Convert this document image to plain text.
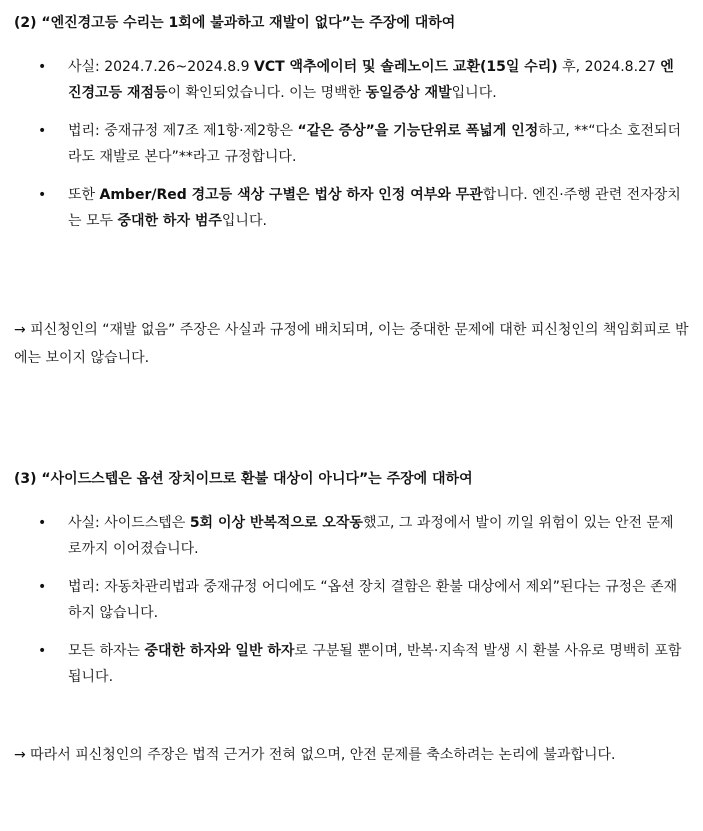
(2) “엔진경고등 수리는 1회에 불과하고 재발이 없다”는 주장에 대하여
• 사실: 2024.7.26~2024.8.9 VCT 액추에이터 및 솔레노이드 교환(15일 수리) 후, 2024.8.27 엔진경고등 재점등이 확인되었습니다. 이는 명백한 동일증상 재발입니다.
• 법리: 중재규정 제7조 제1항·제2항은 “같은 증상”을 기능단위로 폭넓게 인정하고, **“다소 호전되더라도 재발로 본다”**라고 규정합니다.
• 또한 Amber/Red 경고등 색상 구별은 법상 하자 인정 여부와 무관합니다. 엔진·주행 관련 전자장치는 모두 중대한 하자 범주입니다.
→ 피신청인의 “재발 없음” 주장은 사실과 규정에 배치되며, 이는 중대한 문제에 대한 피신청인의 책임회피로 밖에는 보이지 않습니다.
(3) “사이드스텝은 옵션 장치이므로 환불 대상이 아니다”는 주장에 대하여
• 사실: 사이드스텝은 5회 이상 반복적으로 오작동했고, 그 과정에서 발이 끼일 위험이 있는 안전 문제로까지 이어졌습니다.
• 법리: 자동차관리법과 중재규정 어디에도 “옵션 장치 결함은 환불 대상에서 제외”된다는 규정은 존재하지 않습니다.
• 모든 하자는 중대한 하자와 일반 하자로 구분될 뿐이며, 반복·지속적 발생 시 환불 사유로 명백히 포함됩니다.
→ 따라서 피신청인의 주장은 법적 근거가 전혀 없으며, 안전 문제를 축소하려는 논리에 불과합니다.
